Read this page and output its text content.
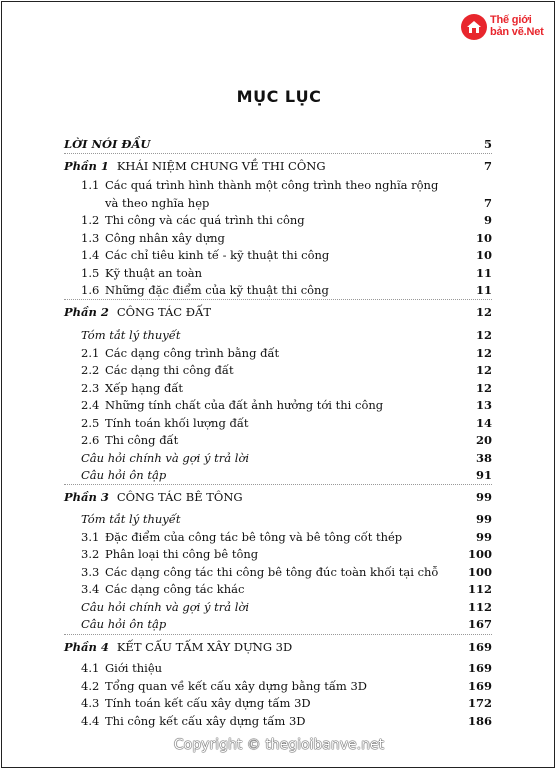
Thế giới
bản vẽ.Net
MỤC LỤC
LỜI NÓI ĐẦU	5
Phần 1 KHÁI NIỆM CHUNG VỀ THI CÔNG	7
1.1 Các quá trình hình thành một công trình theo nghĩa rộng
và theo nghĩa hẹp	7
1.2 Thi công và các quá trình thi công	9
1.3 Công nhân xây dựng	10
1.4 Các chỉ tiêu kinh tế - kỹ thuật thi công	10
1.5 Kỹ thuật an toàn	11
1.6 Những đặc điểm của kỹ thuật thi công	11
Phần 2 CÔNG TÁC ĐẤT	12
Tóm tắt lý thuyết	12
2.1 Các dạng công trình bằng đất	12
2.2 Các dạng thi công đất	12
2.3 Xếp hạng đất	12
2.4 Những tính chất của đất ảnh hưởng tới thi công	13
2.5 Tính toán khối lượng đất	14
2.6 Thi công đất	20
Câu hỏi chính và gợi ý trả lời	38
Câu hỏi ôn tập	91
Phần 3 CÔNG TÁC BÊ TÔNG	99
Tóm tắt lý thuyết	99
3.1 Đặc điểm của công tác bê tông và bê tông cốt thép	99
3.2 Phân loại thi công bê tông	100
3.3 Các dạng công tác thi công bê tông đúc toàn khối tại chỗ	100
3.4 Các dạng công tác khác	112
Câu hỏi chính và gợi ý trả lời	112
Câu hỏi ôn tập	167
Phần 4 KẾT CẤU TẤM XÂY DỰNG 3D	169
4.1 Giới thiệu	169
4.2 Tổng quan về kết cấu xây dựng bằng tấm 3D	169
4.3 Tính toán kết cấu xây dựng tấm 3D	172
4.4 Thi công kết cấu xây dựng tấm 3D	186
Copyright © thegioibanve.net
